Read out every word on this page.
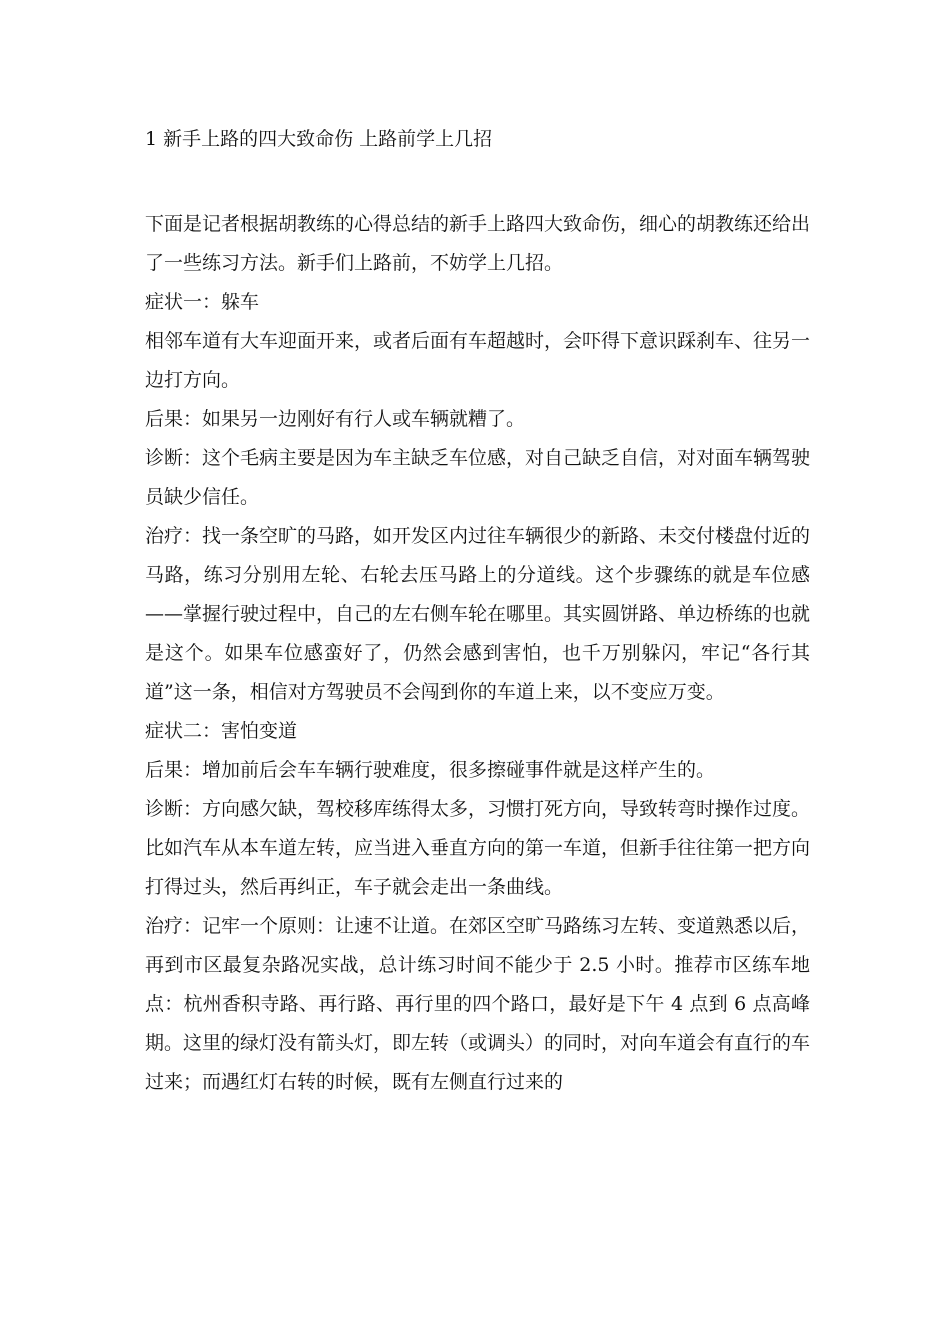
1 新手上路的四大致命伤 上路前学上几招

下面是记者根据胡教练的心得总结的新手上路四大致命伤，细心的胡教练还给出了一些练习方法。新手们上路前，不妨学上几招。

症状一：躲车

相邻车道有大车迎面开来，或者后面有车超越时，会吓得下意识踩刹车、往另一边打方向。

后果：如果另一边刚好有行人或车辆就糟了。

诊断：这个毛病主要是因为车主缺乏车位感，对自己缺乏自信，对对面车辆驾驶员缺少信任。

治疗：找一条空旷的马路，如开发区内过往车辆很少的新路、未交付楼盘付近的马路，练习分别用左轮、右轮去压马路上的分道线。这个步骤练的就是车位感——掌握行驶过程中，自己的左右侧车轮在哪里。其实圆饼路、单边桥练的也就是这个。如果车位感蛮好了，仍然会感到害怕，也千万别躲闪，牢记“各行其道”这一条，相信对方驾驶员不会闯到你的车道上来，以不变应万变。

症状二：害怕变道

后果：增加前后会车车辆行驶难度，很多擦碰事件就是这样产生的。

诊断：方向感欠缺，驾校移库练得太多，习惯打死方向，导致转弯时操作过度。比如汽车从本车道左转，应当进入垂直方向的第一车道，但新手往往第一把方向打得过头，然后再纠正，车子就会走出一条曲线。

治疗：记牢一个原则：让速不让道。在郊区空旷马路练习左转、变道熟悉以后，再到市区最复杂路况实战，总计练习时间不能少于 2.5 小时。推荐市区练车地点：杭州香积寺路、再行路、再行里的四个路口，最好是下午 4 点到 6 点高峰期。这里的绿灯没有箭头灯，即左转（或调头）的同时，对向车道会有直行的车过来；而遇红灯右转的时候，既有左侧直行过来的
